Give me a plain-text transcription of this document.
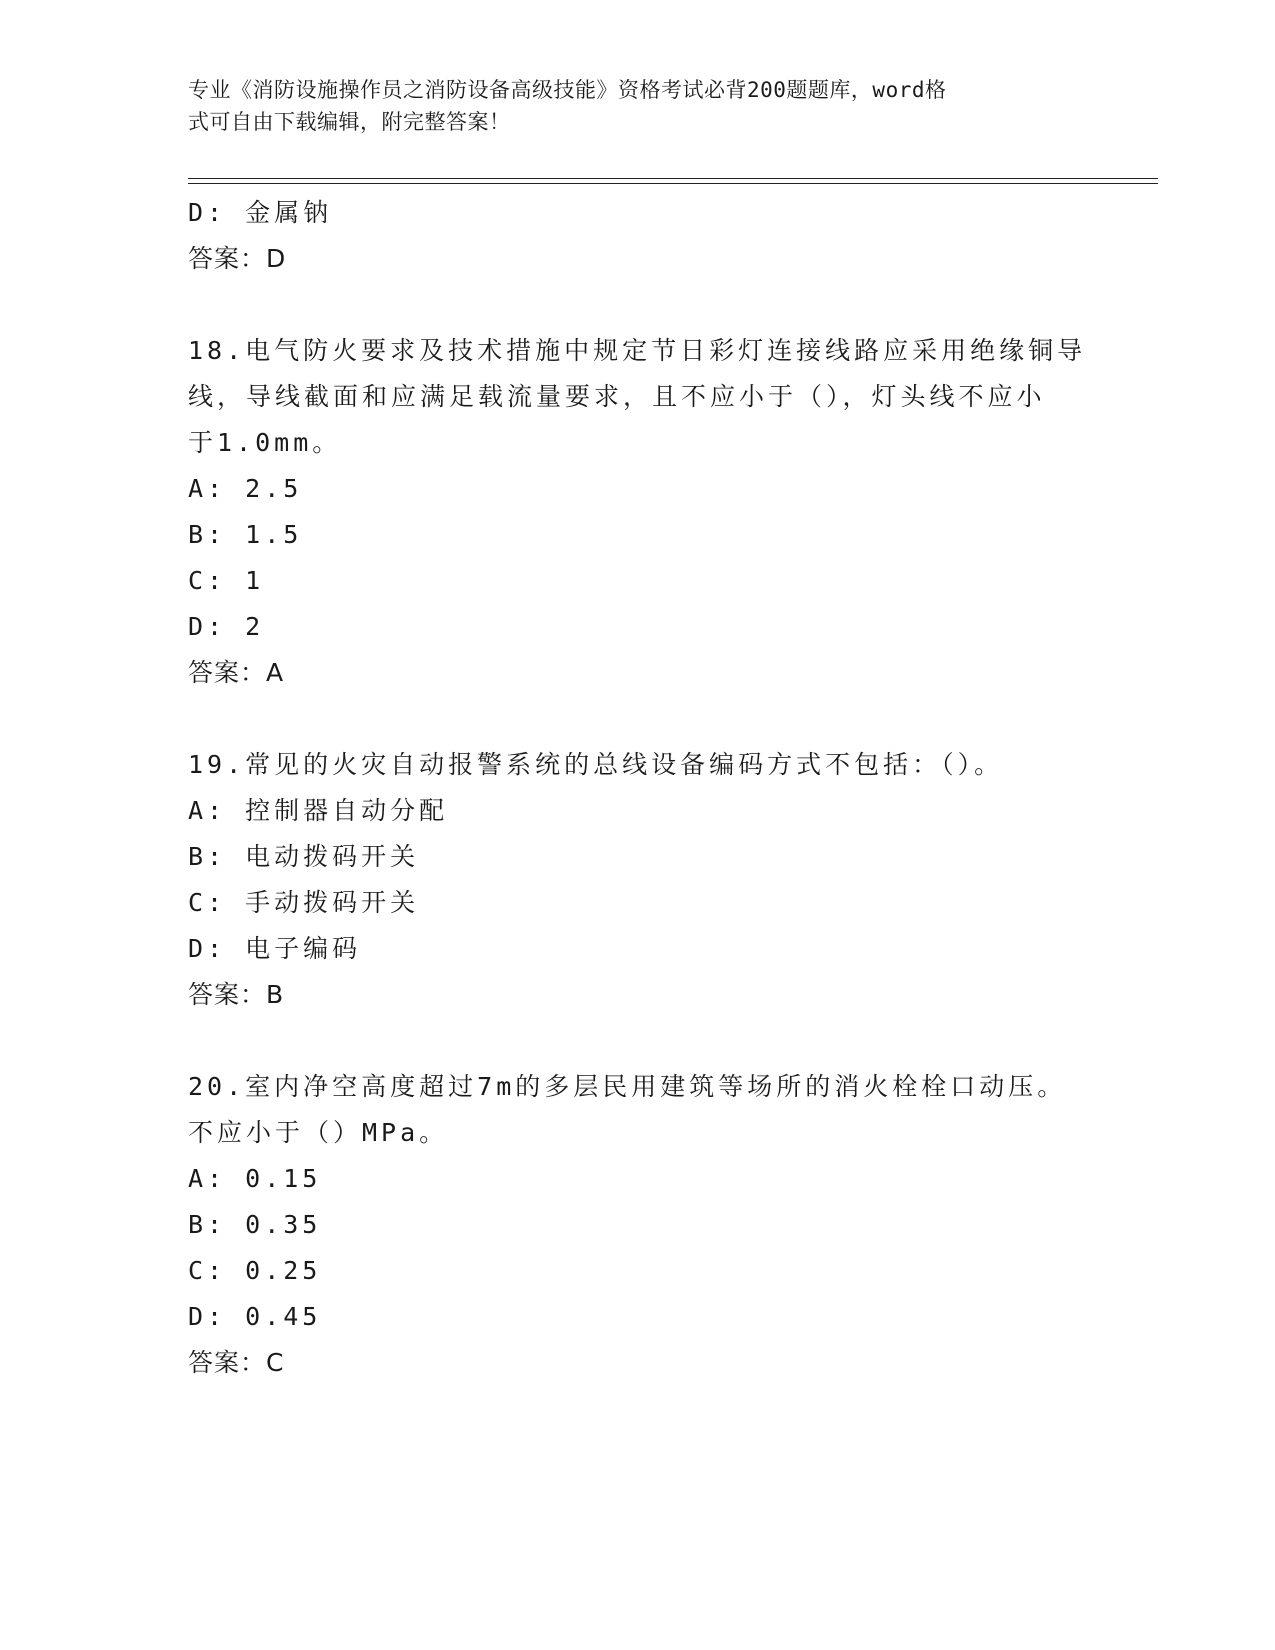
专业《消防设施操作员之消防设备高级技能》资格考试必背200题题库，word格
式可自由下载编辑，附完整答案！
D: 金属钠
答案：D
18.电气防火要求及技术措施中规定节日彩灯连接线路应采用绝缘铜导
线，导线截面和应满足载流量要求，且不应小于（），灯头线不应小
于1.0mm。
A: 2.5
B: 1.5
C: 1
D: 2
答案：A
19.常见的火灾自动报警系统的总线设备编码方式不包括：（）。
A: 控制器自动分配
B: 电动拨码开关
C: 手动拨码开关
D: 电子编码
答案：B
20.室内净空高度超过7m的多层民用建筑等场所的消火栓栓口动压。
不应小于（）MPa。
A: 0.15
B: 0.35
C: 0.25
D: 0.45
答案：C
